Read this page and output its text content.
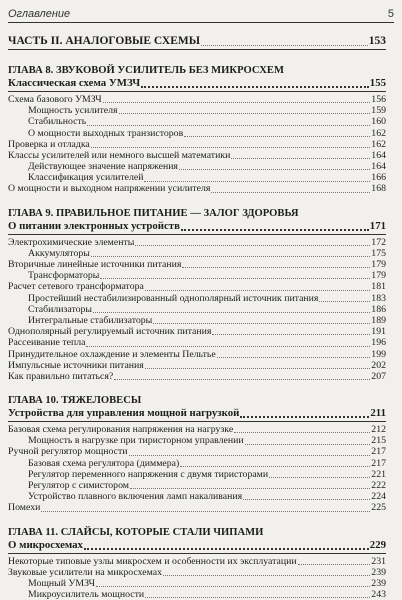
Оглавление	5
ЧАСТЬ II. АНАЛОГОВЫЕ СХЕМЫ	153
ГЛАВА 8. ЗВУКОВОЙ УСИЛИТЕЛЬ БЕЗ МИКРОСХЕМ
Классическая схема УМЗЧ	155
Схема базового УМЗЧ	156
Мощность усилителя	159
Стабильность	160
О мощности выходных транзисторов	162
Проверка и отладка	162
Классы усилителей или немного высшей математики	164
Действующее значение напряжения	164
Классификация усилителей	166
О мощности и выходном напряжении усилителя	168
ГЛАВА 9. ПРАВИЛЬНОЕ ПИТАНИЕ — ЗАЛОГ ЗДОРОВЬЯ
О питании электронных устройств	171
Электрохимические элементы	172
Аккумуляторы	175
Вторичные линейные источники питания	179
Трансформаторы	179
Расчет сетевого трансформатора	181
Простейший нестабилизированный однополярный источник питания	183
Стабилизаторы	186
Интегральные стабилизаторы	189
Однополярный регулируемый источник питания	191
Рассеивание тепла	196
Принудительное охлаждение и элементы Пельтье	199
Импульсные источники питания	202
Как правильно питаться?	207
ГЛАВА 10. ТЯЖЕЛОВЕСЫ
Устройства для управления мощной нагрузкой	211
Базовая схема регулирования напряжения на нагрузке	212
Мощность в нагрузке при тиристорном управлении	215
Ручной регулятор мощности	217
Базовая схема регулятора (диммера)	217
Регулятор переменного напряжения с двумя тиристорами	221
Регулятор с симистором	222
Устройство плавного включения ламп накаливания	224
Помехи	225
ГЛАВА 11. СЛАЙСЫ, КОТОРЫЕ СТАЛИ ЧИПАМИ
О микросхемах	229
Некоторые типовые узлы микросхем и особенности их эксплуатации	231
Звуковые усилители на микросхемах	239
Мощный УМЗЧ	239
Микроусилитель мощности	243
